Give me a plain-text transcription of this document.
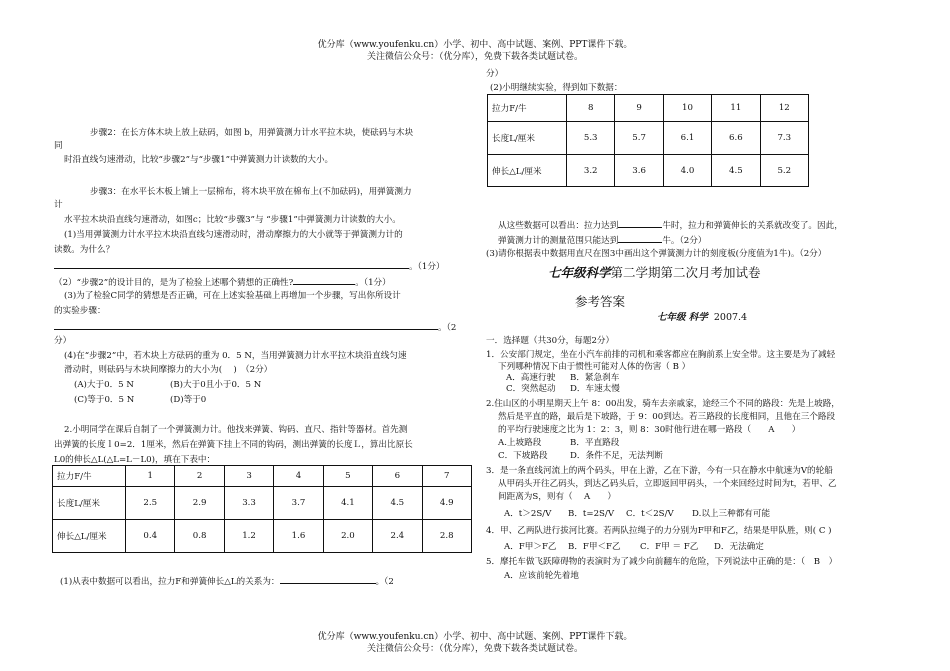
优分库（www.youfenku.cn）小学、初中、高中试题、案例、PPT课件下载。
关注微信公众号：（优分库），免费下载各类试题试卷。
步骤2：在长方体木块上放上砝码，如图 b，用弹簧测力计水平拉木块，使砝码与木块
同
时沿直线匀速滑动，比较“步骤2”与“步骤1”中弹簧测力计读数的大小。
步骤3：在水平长木板上铺上一层棉布，将木块平放在棉布上(不加砝码)，用弹簧测力
计
水平拉木块沿直线匀速滑动，如图c；比较“步骤3”与 “步骤1”中弹簧测力计读数的大小。
(1)当用弹簧测力计水平拉木块沿直线匀速滑动时，滑动摩擦力的大小就等于弹簧测力计的
读数。为什么？
。（1分）
（2）“步骤2”的设计目的，是为了检验上述哪个猜想的正确性?	。（1分）
(3)为了检验C同学的猜想是否正确，可在上述实验基础上再增加一个步骤，写出你所设计
的实验步骤：
。（2
分）
(4)在“步骤2”中，若木块上方砝码的重为 0．5 N，当用弹簧测力计水平拉木块沿直线匀速
滑动时，则砝码与木块间摩擦力的大小为(　 )　（2分）
(A)大于0．5 N	(B)大于0且小于0．5 N
(C)等于0．5 N	(D)等于0
2.小明同学在课后自制了一个弹簧测力计。他找来弹簧、钩码、直尺、指针等器材。首先测
出弹簧的长度ｌ0=2．1厘米，然后在弹簧下挂上不同的钩码，测出弹簧的长度Ｌ，算出比原长
L0的伸长△L(△L=L－L0)，填在下表中：
拉力F/牛	1	2	3	4	5	6	7
长度L/厘米	2.5	2.9	3.3	3.7	4.1	4.5	4.9
伸长△L/厘米	0.4	0.8	1.2	1.6	2.0	2.4	2.8
(1)从表中数据可以看出，拉力F和弹簧伸长△L的关系为：	。（2
分）
(2)小明继续实验，得到如下数据：
拉力F/牛	8	9	10	11	12
长度L/厘米	5.3	5.7	6.1	6.6	7.3
伸长△L/厘米	3.2	3.6	4.0	4.5	5.2
从这些数据可以看出：拉力达到	牛时，拉力和弹簧伸长的关系就改变了。因此，
弹簧测力计的测量范围只能达到	牛。（2分）
(3)请你根据表中数据用直尺在图3中画出这个弹簧测力计的刻度板(分度值为1牛)。（2分）
七年级科学第二学期第二次月考加试卷
参考答案
七年级 科学 2007.4
一．选择题（共30分，每题2分）
1．公安部门规定，坐在小汽车前排的司机和乘客都应在胸前系上安全带。这主要是为了减轻
下列哪种情况下由于惯性可能对人体的伤害（ B ）
A．高速行驶 B．紧急刹车
C．突然起动 D．车速太慢
2.住山区的小明星期天上午 8：00出发，骑车去亲戚家，途经三个不同的路段：先是上坡路，
然后是平直的路，最后是下坡路，于 9：00到达。若三路段的长度相同，且他在三个路段
的平均行驶速度之比为 1：2：3，则 8：30时他行进在哪一路段（　　A　　）
A.上坡路段	B．平直路段
C．下坡路段	D．条件不足，无法判断
3．是一条直线河流上的两个码头，甲在上游，乙在下游，今有一只在静水中航速为V的轮船
从甲码头开往乙码头，到达乙码头后，立即返回甲码头，一个来回经过时间为t，若甲、乙
间距离为S，则有（　 A　　）
A．t＞2S/V B．t=2S/V C．t＜2S/V D.以上三种都有可能
4．甲、乙两队进行拔河比赛。若两队拉绳子的力分别为F甲和F乙，结果是甲队胜，则( C )
A．F甲＞F乙 B．F甲＜F乙 C．F甲 ＝ F乙 D．无法确定
5．摩托车做飞跃障碍物的表演时为了减少向前翻车的危险，下列说法中正确的是：（　B　）
A．应该前轮先着地
优分库（www.youfenku.cn）小学、初中、高中试题、案例、PPT课件下载。
关注微信公众号：（优分库），免费下载各类试题试卷。
